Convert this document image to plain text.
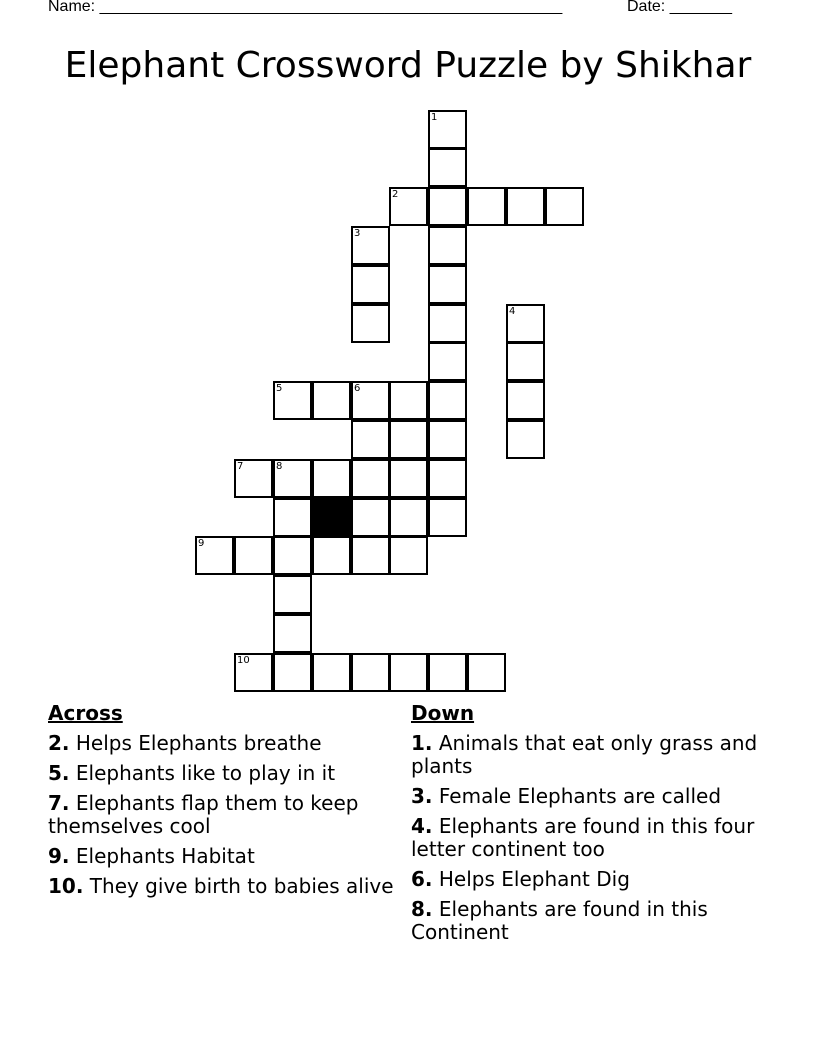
Name: ____________________________________________________	Date: _______
Elephant Crossword Puzzle by Shikhar
1
2
3
4
5	6
7	8
9
10
Across
2. Helps Elephants breathe
5. Elephants like to play in it
7. Elephants flap them to keep themselves cool
9. Elephants Habitat
10. They give birth to babies alive
Down
1. Animals that eat only grass and plants
3. Female Elephants are called
4. Elephants are found in this four letter continent too
6. Helps Elephant Dig
8. Elephants are found in this Continent
